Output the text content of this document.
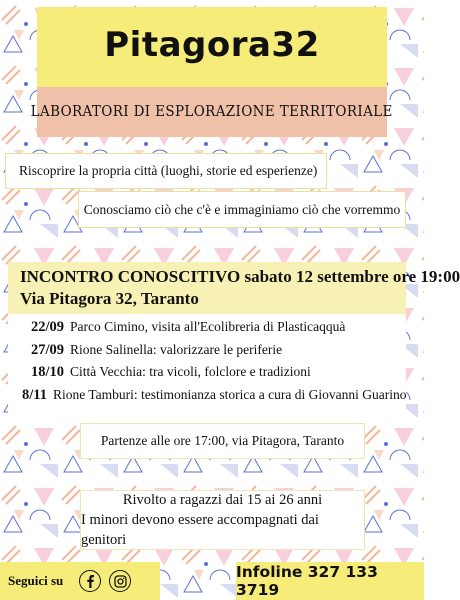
Pitagora32
LABORATORI DI ESPLORAZIONE TERRITORIALE
Riscoprire la propria città (luoghi, storie ed esperienze)
Conosciamo ciò che c'è e immaginiamo ciò che vorremmo
INCONTRO CONOSCITIVO sabato 12 settembre ore 19:00
Via Pitagora 32, Taranto
22/09 Parco Cimino, visita all'Ecolibreria di Plasticaqquà
27/09 Rione Salinella: valorizzare le periferie
18/10 Città Vecchia: tra vicoli, folclore e tradizioni
8/11 Rione Tamburi: testimonianza storica a cura di Giovanni Guarino
Partenze alle ore 17:00, via Pitagora, Taranto
Rivolto a ragazzi dai 15 ai 26 anni
I minori devono essere accompagnati dai genitori
Seguici su	Infoline 327 133 3719
